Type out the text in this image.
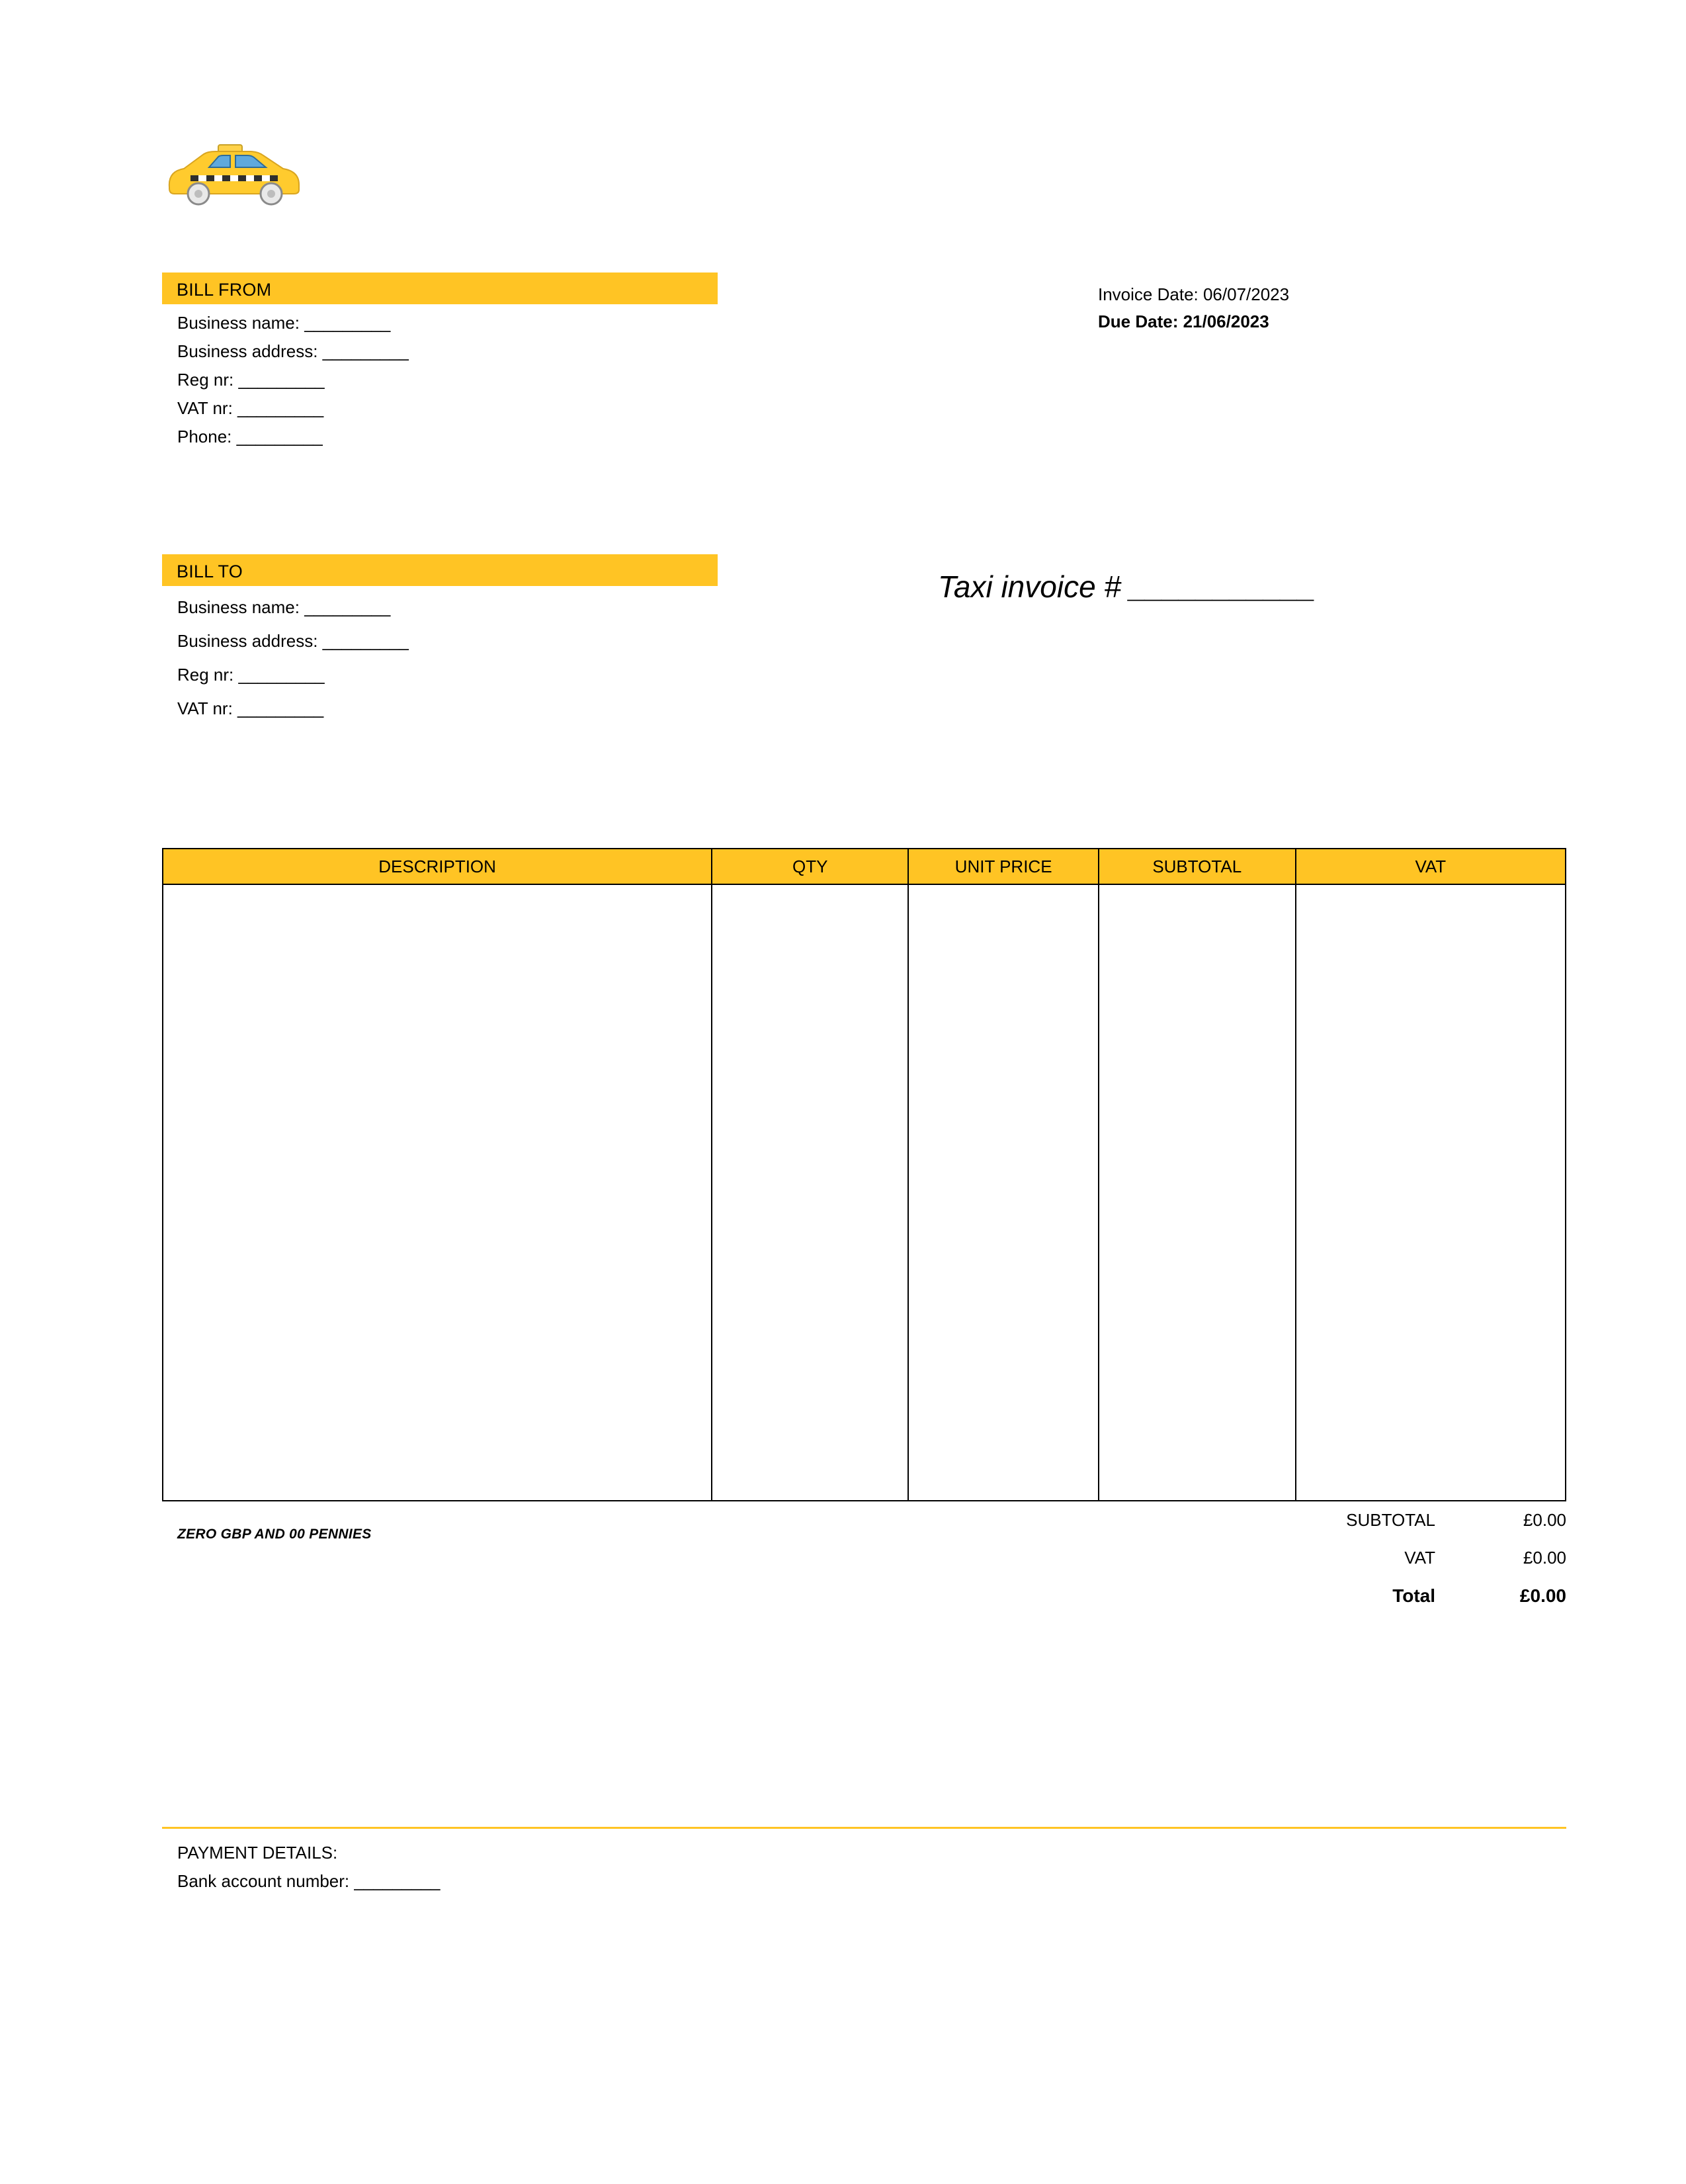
Invoice Date: 06/07/2023
Due Date: 21/06/2023
BILL FROM
Business name: _________
Business address: _________
Reg nr: _________
VAT nr: _________
Phone: _________
BILL TO
Business name: _________
Business address: _________
Reg nr: _________
VAT nr: _________
Taxi invoice # ___________
DESCRIPTION	QTY	UNIT PRICE	SUBTOTAL	VAT

ZERO GBP AND 00 PENNIES
SUBTOTAL	£0.00
VAT	£0.00
Total	£0.00
PAYMENT DETAILS:
Bank account number: _________
